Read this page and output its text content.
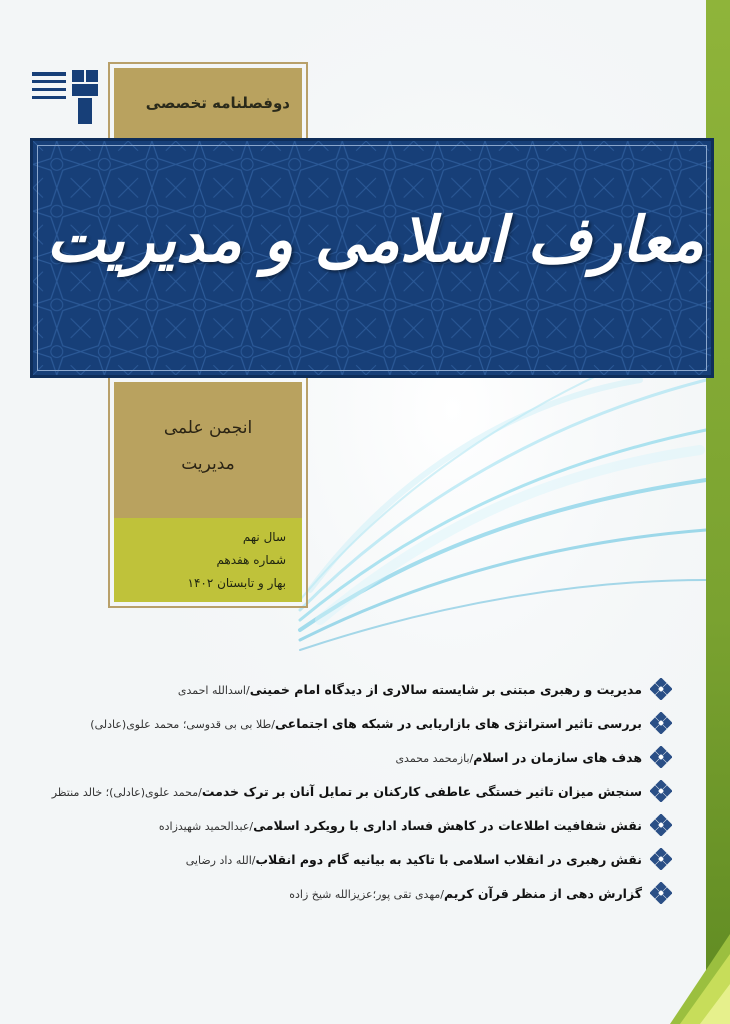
دوفصلنامه تخصصی
معارف اسلامی و مدیریت
انجمن علمی
مدیریت
سال نهم
شماره هفدهم
بهار و تابستان ۱۴۰۲
مدیریت و رهبری مبتنی بر شایسته سالاری از دیدگاه امام خمینی/اسدالله احمدی
بررسی تاثیر استراتژی های بازاریابی در شبکه های اجتماعی/طلا بی بی قدوسی؛ محمد علوی(عادلی)
هدف های سازمان در اسلام/بازمحمد محمدی
سنجش میزان تاثیر خستگی عاطفی کارکنان بر تمایل آنان بر ترک خدمت/محمد علوی(عادلی)؛ خالد منتظر
نقش شفافیت اطلاعات در کاهش فساد اداری با رویکرد اسلامی/عبدالحمید شهیدزاده
نقش رهبری در انقلاب اسلامی با تاکید به بیانیه گام دوم انقلاب/الله داد رضایی
گزارش دهی از منظر قرآن کریم/مهدی تقی پور؛عزیزالله شیخ زاده
